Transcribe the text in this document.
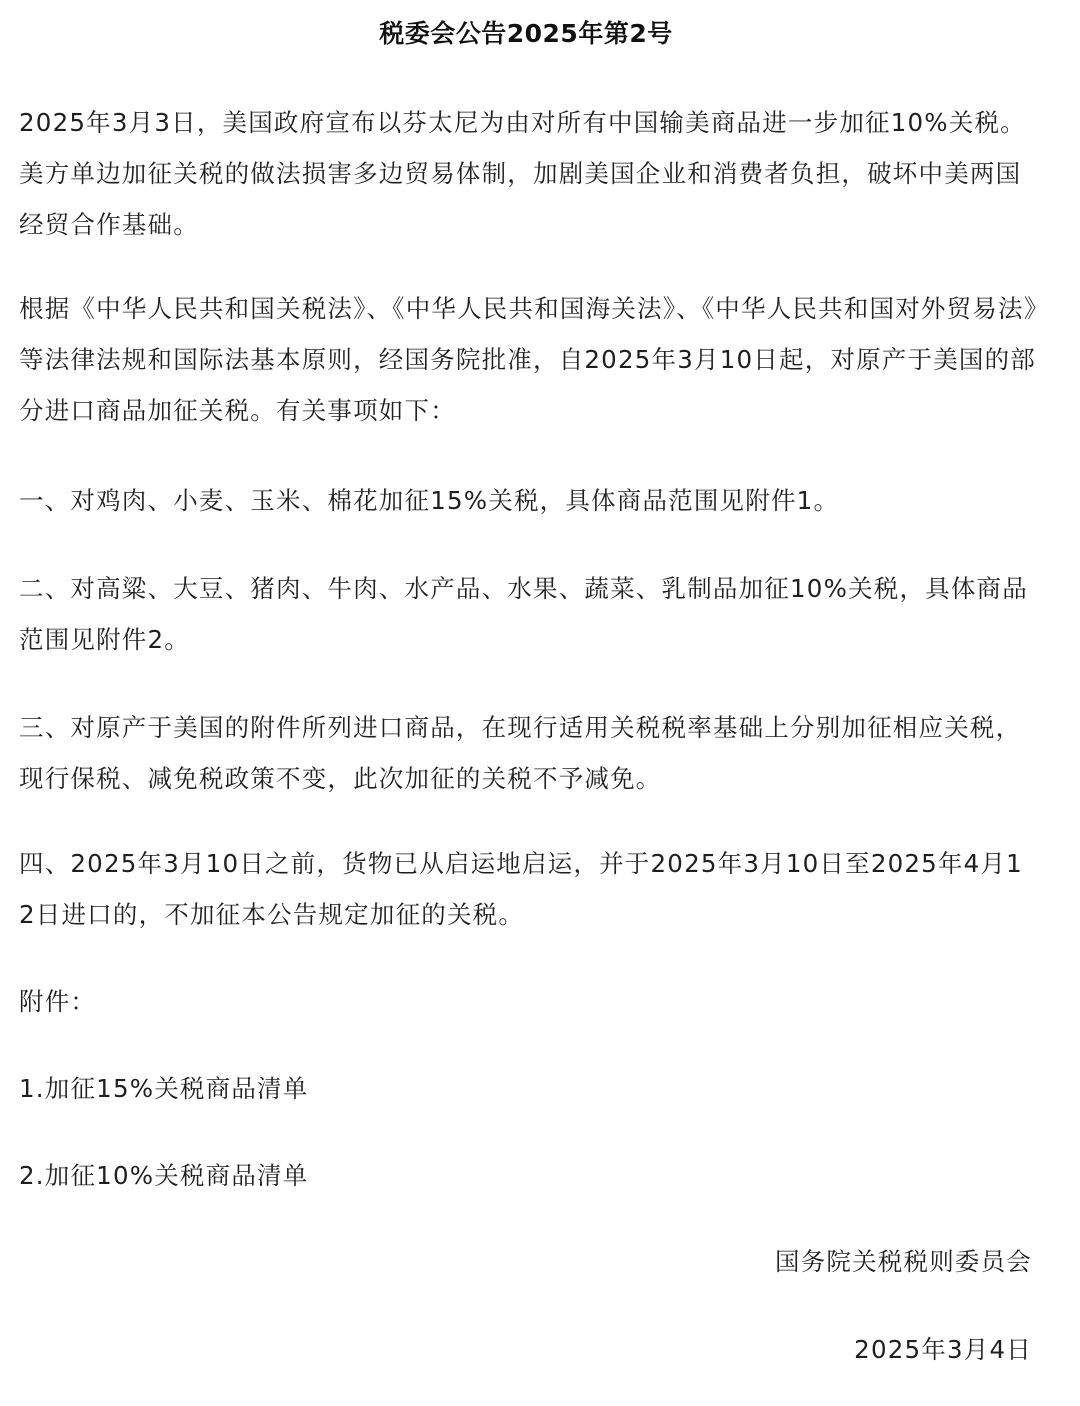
税委会公告2025年第2号

2025年3月3日，美国政府宣布以芬太尼为由对所有中国输美商品进一步加征10%关税。美方单边加征关税的做法损害多边贸易体制，加剧美国企业和消费者负担，破坏中美两国经贸合作基础。

根据《中华人民共和国关税法》、《中华人民共和国海关法》、《中华人民共和国对外贸易法》等法律法规和国际法基本原则，经国务院批准，自2025年3月10日起，对原产于美国的部分进口商品加征关税。有关事项如下：

一、对鸡肉、小麦、玉米、棉花加征15%关税，具体商品范围见附件1。

二、对高粱、大豆、猪肉、牛肉、水产品、水果、蔬菜、乳制品加征10%关税，具体商品范围见附件2。

三、对原产于美国的附件所列进口商品，在现行适用关税税率基础上分别加征相应关税，现行保税、减免税政策不变，此次加征的关税不予减免。

四、2025年3月10日之前，货物已从启运地启运，并于2025年3月10日至2025年4月12日进口的，不加征本公告规定加征的关税。

附件：
1.加征15%关税商品清单
2.加征10%关税商品清单
国务院关税税则委员会
2025年3月4日
